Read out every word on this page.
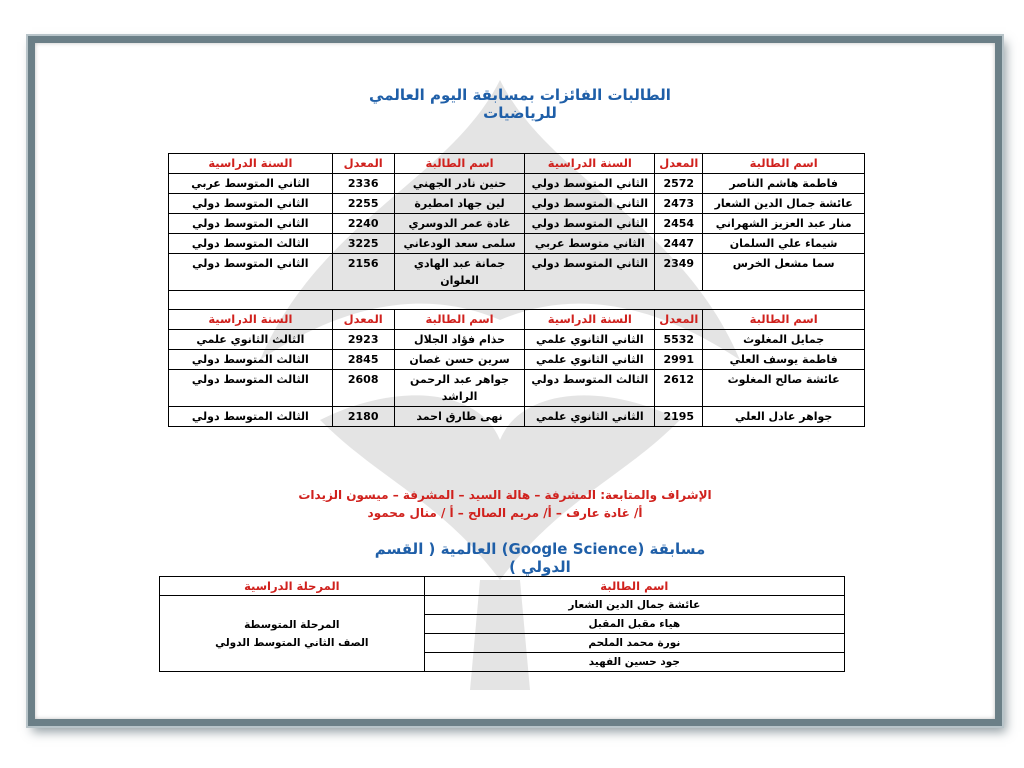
الطالبات الفائزات بمسابقة اليوم العالمي للرياضيات
اسم الطالبة	المعدل	السنة الدراسية	اسم الطالبة	المعدل	السنة الدراسية
فاطمة هاشم الناصر	2572	الثاني المتوسط دولي	حنين نادر الجهني	2336	الثاني المتوسط عربي
عائشة جمال الدين الشعار	2473	الثاني المتوسط دولي	لين جهاد امطيرة	2255	الثاني المتوسط دولي
منار عبد العزيز الشهراني	2454	الثاني المتوسط دولي	غادة عمر الدوسري	2240	الثاني المتوسط دولي
شيماء علي السلمان	2447	الثاني متوسط عربي	سلمى سعد الودعاني	3225	الثالث المتوسط دولي
سما مشعل الخرس	2349	الثاني المتوسط دولي	جمانة عبد الهادي العلوان	2156	الثاني المتوسط دولي

اسم الطالبة	المعدل	السنة الدراسية	اسم الطالبة	المعدل	السنة الدراسية
جمايل المغلوث	5532	الثاني الثانوي علمي	حذام فؤاد الجلال	2923	الثالث الثانوي علمي
فاطمة يوسف العلي	2991	الثاني الثانوي علمي	سرين حسن غصان	2845	الثالث المتوسط دولي
عائشة صالح المغلوث	2612	الثالث المتوسط دولي	جواهر عبد الرحمن الراشد	2608	الثالث المتوسط دولي
جواهر عادل العلي	2195	الثاني الثانوي علمي	نهى طارق احمد	2180	الثالث المتوسط دولي
الإشراف والمتابعة: المشرفة – هالة السيد – المشرفة – ميسون الزيدات
أ/ غادة عارف – أ/ مريم الصالح – أ / منال محمود
مسابقة (Google Science) العالمية ( القسم الدولي )
اسم الطالبة	المرحلة الدراسية
عائشة جمال الدين الشعار	المرحلة المتوسطة
الصف الثاني المتوسط الدولي

هياء مقبل المقبل	
نورة محمد الملحم	
جود حسين الفهيد	
